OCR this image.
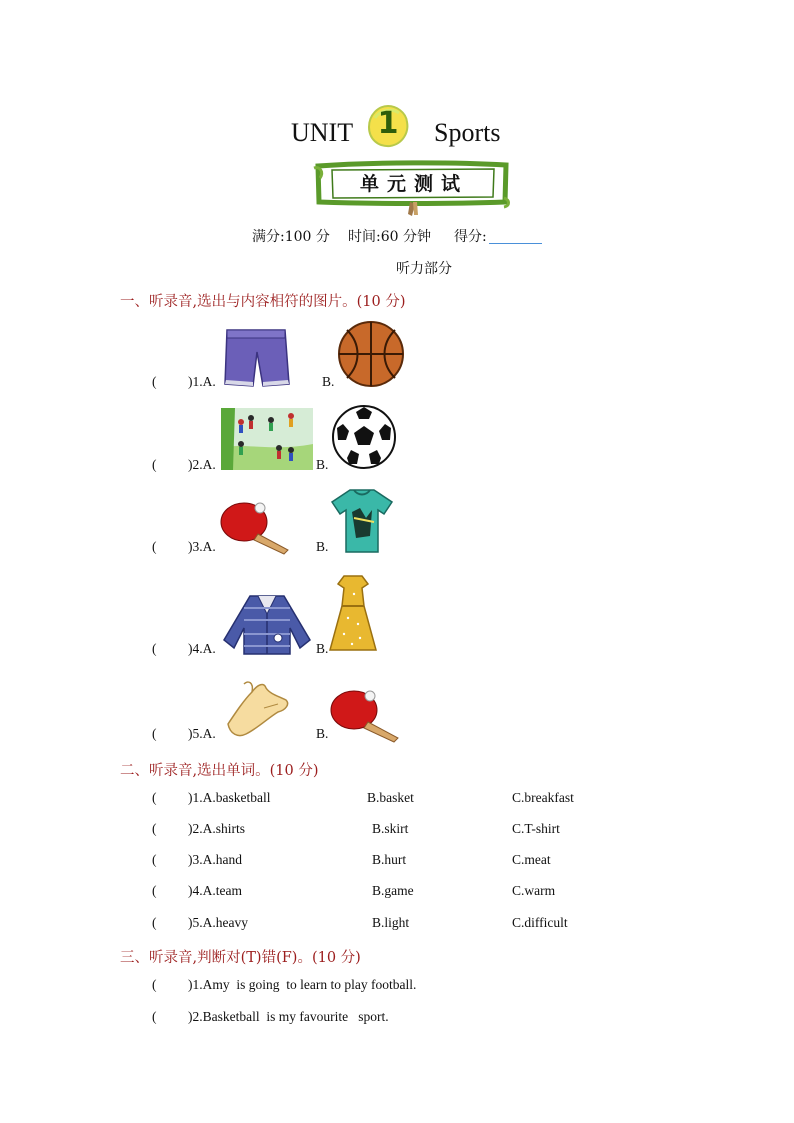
UNIT 1	Sports
单元测试
满分:100 分 时间:60 分钟 得分:
听力部分
一、听录音,选出与内容相符的图片。(10 分)
( )1.A.	B.
( )2.A.	B.
( )3.A.	B.
( )4.A.	B.
( )5.A.	B.
二、听录音,选出单词。(10 分)
( )1.A.basketball	B.basket	C.breakfast
( )2.A.shirts	B.skirt	C.T-shirt
( )3.A.hand	B.hurt	C.meat
( )4.A.team	B.game	C.warm
( )5.A.heavy	B.light	C.difficult
三、听录音,判断对(T)错(F)。(10 分)
( )1.Amy  is going  to learn to play football.
( )2.Basketball  is my favourite   sport.
